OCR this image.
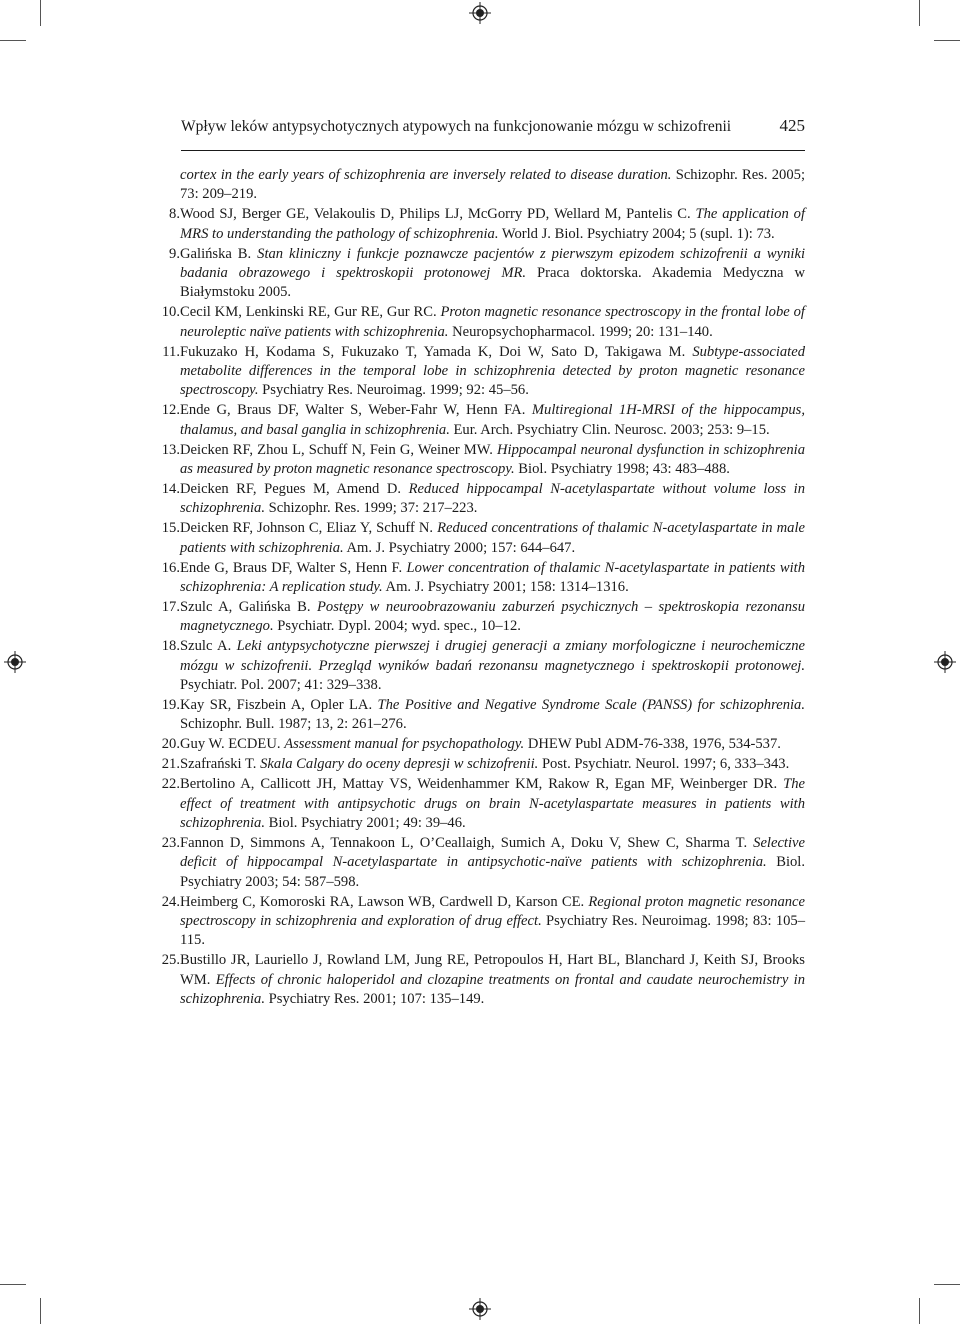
Wpływ leków antypsychotycznych atypowych na funkcjonowanie mózgu w schizofrenii	425
cortex in the early years of schizophrenia are inversely related to disease duration. Schizophr. Res. 2005; 73: 209–219.
8. Wood SJ, Berger GE, Velakoulis D, Philips LJ, McGorry PD, Wellard M, Pantelis C. The application of MRS to understanding the pathology of schizophrenia. World J. Biol. Psychiatry 2004; 5 (supl. 1): 73.
9. Galińska B. Stan kliniczny i funkcje poznawcze pacjentów z pierwszym epizodem schizofrenii a wyniki badania obrazowego i spektroskopii protonowej MR. Praca doktorska. Akademia Medyczna w Białymstoku 2005.
10. Cecil KM, Lenkinski RE, Gur RE, Gur RC. Proton magnetic resonance spectroscopy in the frontal lobe of neuroleptic naïve patients with schizophrenia. Neuropsychopharmacol. 1999; 20: 131–140.
11. Fukuzako H, Kodama S, Fukuzako T, Yamada K, Doi W, Sato D, Takigawa M. Subtype-associated metabolite differences in the temporal lobe in schizophrenia detected by proton magnetic resonance spectroscopy. Psychiatry Res. Neuroimag. 1999; 92: 45–56.
12. Ende G, Braus DF, Walter S, Weber-Fahr W, Henn FA. Multiregional 1H-MRSI of the hippocampus, thalamus, and basal ganglia in schizophrenia. Eur. Arch. Psychiatry Clin. Neurosc. 2003; 253: 9–15.
13. Deicken RF, Zhou L, Schuff N, Fein G, Weiner MW. Hippocampal neuronal dysfunction in schizophrenia as measured by proton magnetic resonance spectroscopy. Biol. Psychiatry 1998; 43: 483–488.
14. Deicken RF, Pegues M, Amend D. Reduced hippocampal N-acetylaspartate without volume loss in schizophrenia. Schizophr. Res. 1999; 37: 217–223.
15. Deicken RF, Johnson C, Eliaz Y, Schuff N. Reduced concentrations of thalamic N-acetylaspartate in male patients with schizophrenia. Am. J. Psychiatry 2000; 157: 644–647.
16. Ende G, Braus DF, Walter S, Henn F. Lower concentration of thalamic N-acetylaspartate in patients with schizophrenia: A replication study. Am. J. Psychiatry 2001; 158: 1314–1316.
17. Szulc A, Galińska B. Postępy w neuroobrazowaniu zaburzeń psychicznych – spektroskopia rezonansu magnetycznego. Psychiatr. Dypl. 2004; wyd. spec., 10–12.
18. Szulc A. Leki antypsychotyczne pierwszej i drugiej generacji a zmiany morfologiczne i neurochemiczne mózgu w schizofrenii. Przegląd wyników badań rezonansu magnetycznego i spektroskopii protonowej. Psychiatr. Pol. 2007; 41: 329–338.
19. Kay SR, Fiszbein A, Opler LA. The Positive and Negative Syndrome Scale (PANSS) for schizophrenia. Schizophr. Bull. 1987; 13, 2: 261–276.
20. Guy W. ECDEU. Assessment manual for psychopathology. DHEW Publ ADM-76-338, 1976, 534-537.
21. Szafrański T. Skala Calgary do oceny depresji w schizofrenii. Post. Psychiatr. Neurol. 1997; 6, 333–343.
22. Bertolino A, Callicott JH, Mattay VS, Weidenhammer KM, Rakow R, Egan MF, Weinberger DR. The effect of treatment with antipsychotic drugs on brain N-acetylaspartate measures in patients with schizophrenia. Biol. Psychiatry 2001; 49: 39–46.
23. Fannon D, Simmons A, Tennakoon L, O’Ceallaigh, Sumich A, Doku V, Shew C, Sharma T. Selective deficit of hippocampal N-acetylaspartate in antipsychotic-naïve patients with schizophrenia. Biol. Psychiatry 2003; 54: 587–598.
24. Heimberg C, Komoroski RA, Lawson WB, Cardwell D, Karson CE. Regional proton magnetic resonance spectroscopy in schizophrenia and exploration of drug effect. Psychiatry Res. Neuroimag. 1998; 83: 105–115.
25. Bustillo JR, Lauriello J, Rowland LM, Jung RE, Petropoulos H, Hart BL, Blanchard J, Keith SJ, Brooks WM. Effects of chronic haloperidol and clozapine treatments on frontal and caudate neurochemistry in schizophrenia. Psychiatry Res. 2001; 107: 135–149.
